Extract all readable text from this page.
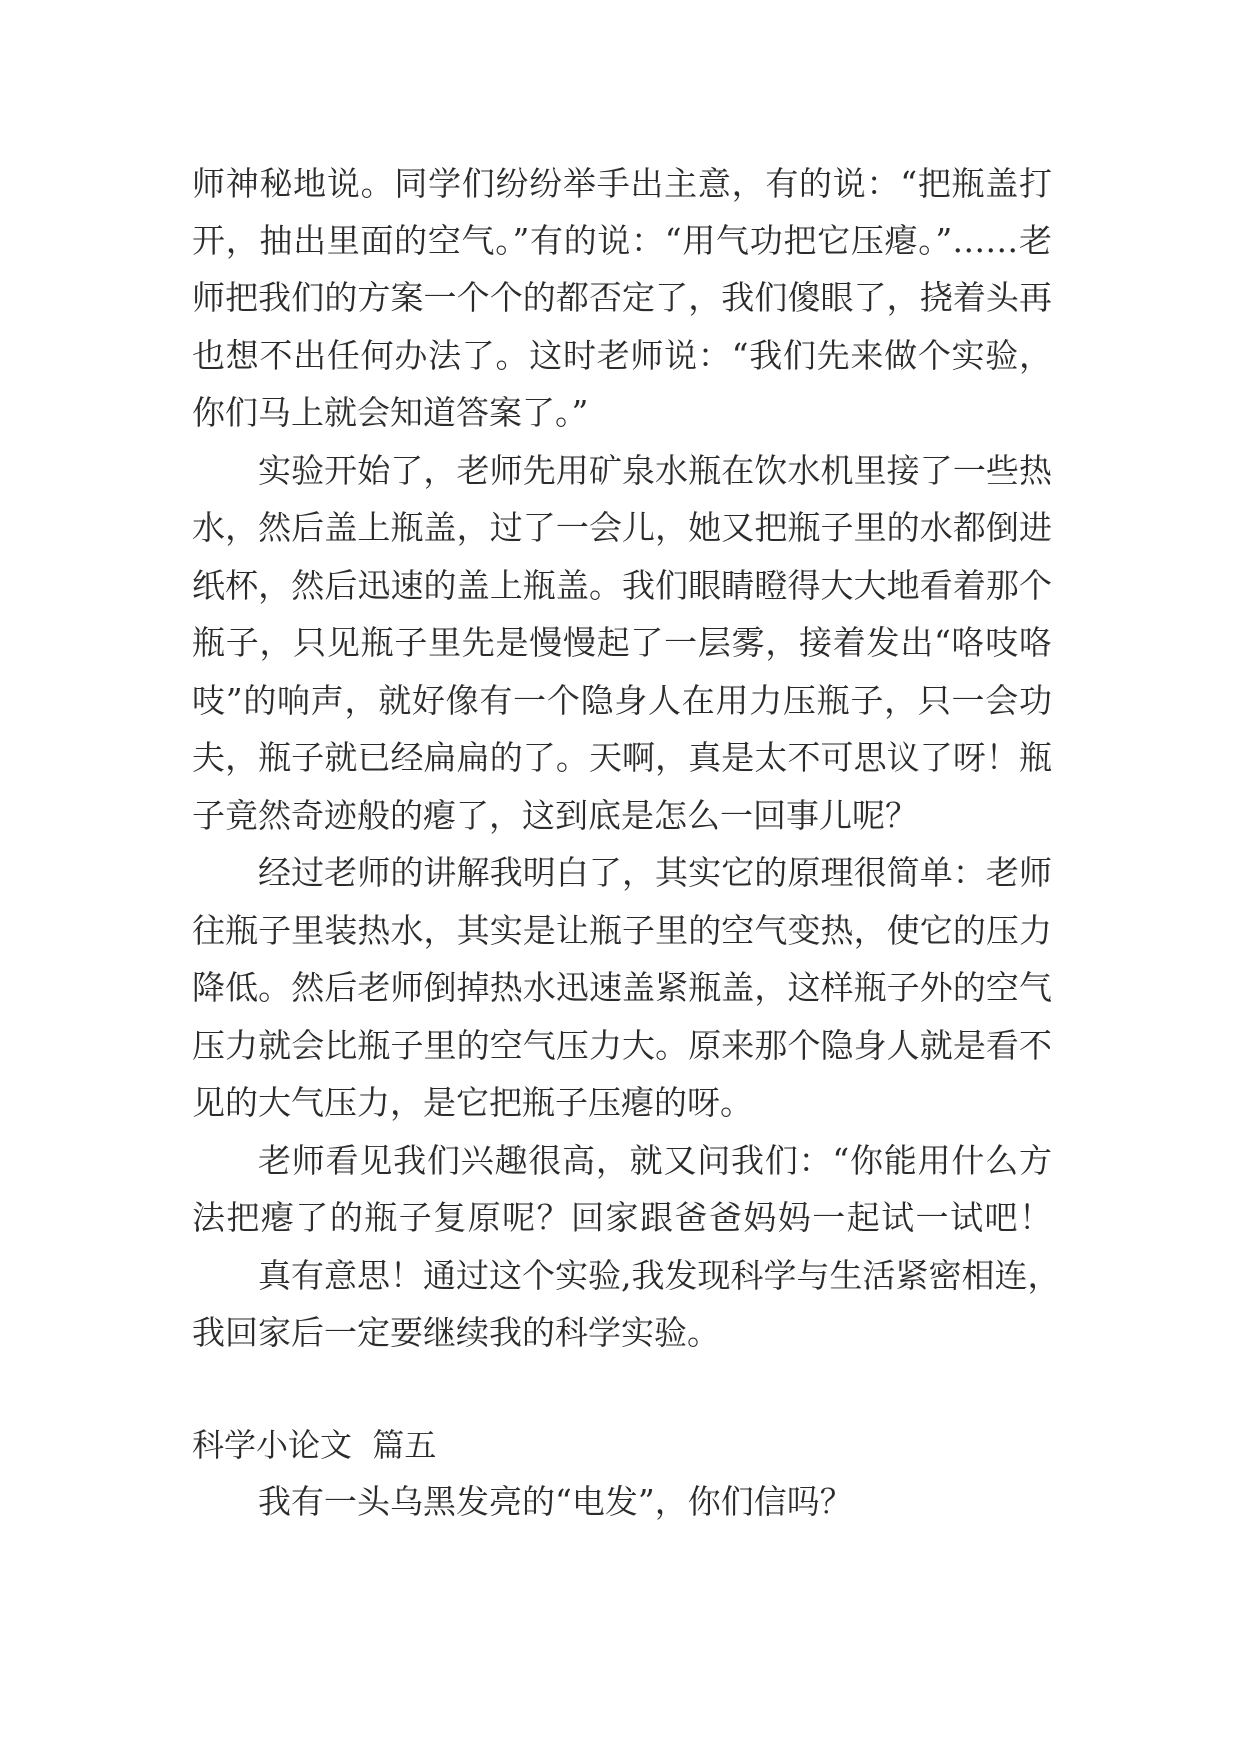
师神秘地说。同学们纷纷举手出主意，有的说：“把瓶盖打

开，抽出里面的空气。”有的说：“用气功把它压瘪。”……老

师把我们的方案一个个的都否定了，我们傻眼了，挠着头再

也想不出任何办法了。这时老师说：“我们先来做个实验，

你们马上就会知道答案了。”

实验开始了，老师先用矿泉水瓶在饮水机里接了一些热

水，然后盖上瓶盖，过了一会儿，她又把瓶子里的水都倒进

纸杯，然后迅速的盖上瓶盖。我们眼睛瞪得大大地看着那个

瓶子，只见瓶子里先是慢慢起了一层雾，接着发出“咯吱咯

吱”的响声，就好像有一个隐身人在用力压瓶子，只一会功

夫，瓶子就已经扁扁的了。天啊，真是太不可思议了呀！瓶

子竟然奇迹般的瘪了，这到底是怎么一回事儿呢？

经过老师的讲解我明白了，其实它的原理很简单：老师

往瓶子里装热水，其实是让瓶子里的空气变热，使它的压力

降低。然后老师倒掉热水迅速盖紧瓶盖，这样瓶子外的空气

压力就会比瓶子里的空气压力大。原来那个隐身人就是看不

见的大气压力，是它把瓶子压瘪的呀。

老师看见我们兴趣很高，就又问我们：“你能用什么方

法把瘪了的瓶子复原呢？回家跟爸爸妈妈一起试一试吧！

真有意思！通过这个实验,我发现科学与生活紧密相连，

我回家后一定要继续我的科学实验。

科学小论文  篇五

我有一头乌黑发亮的“电发”，你们信吗？
